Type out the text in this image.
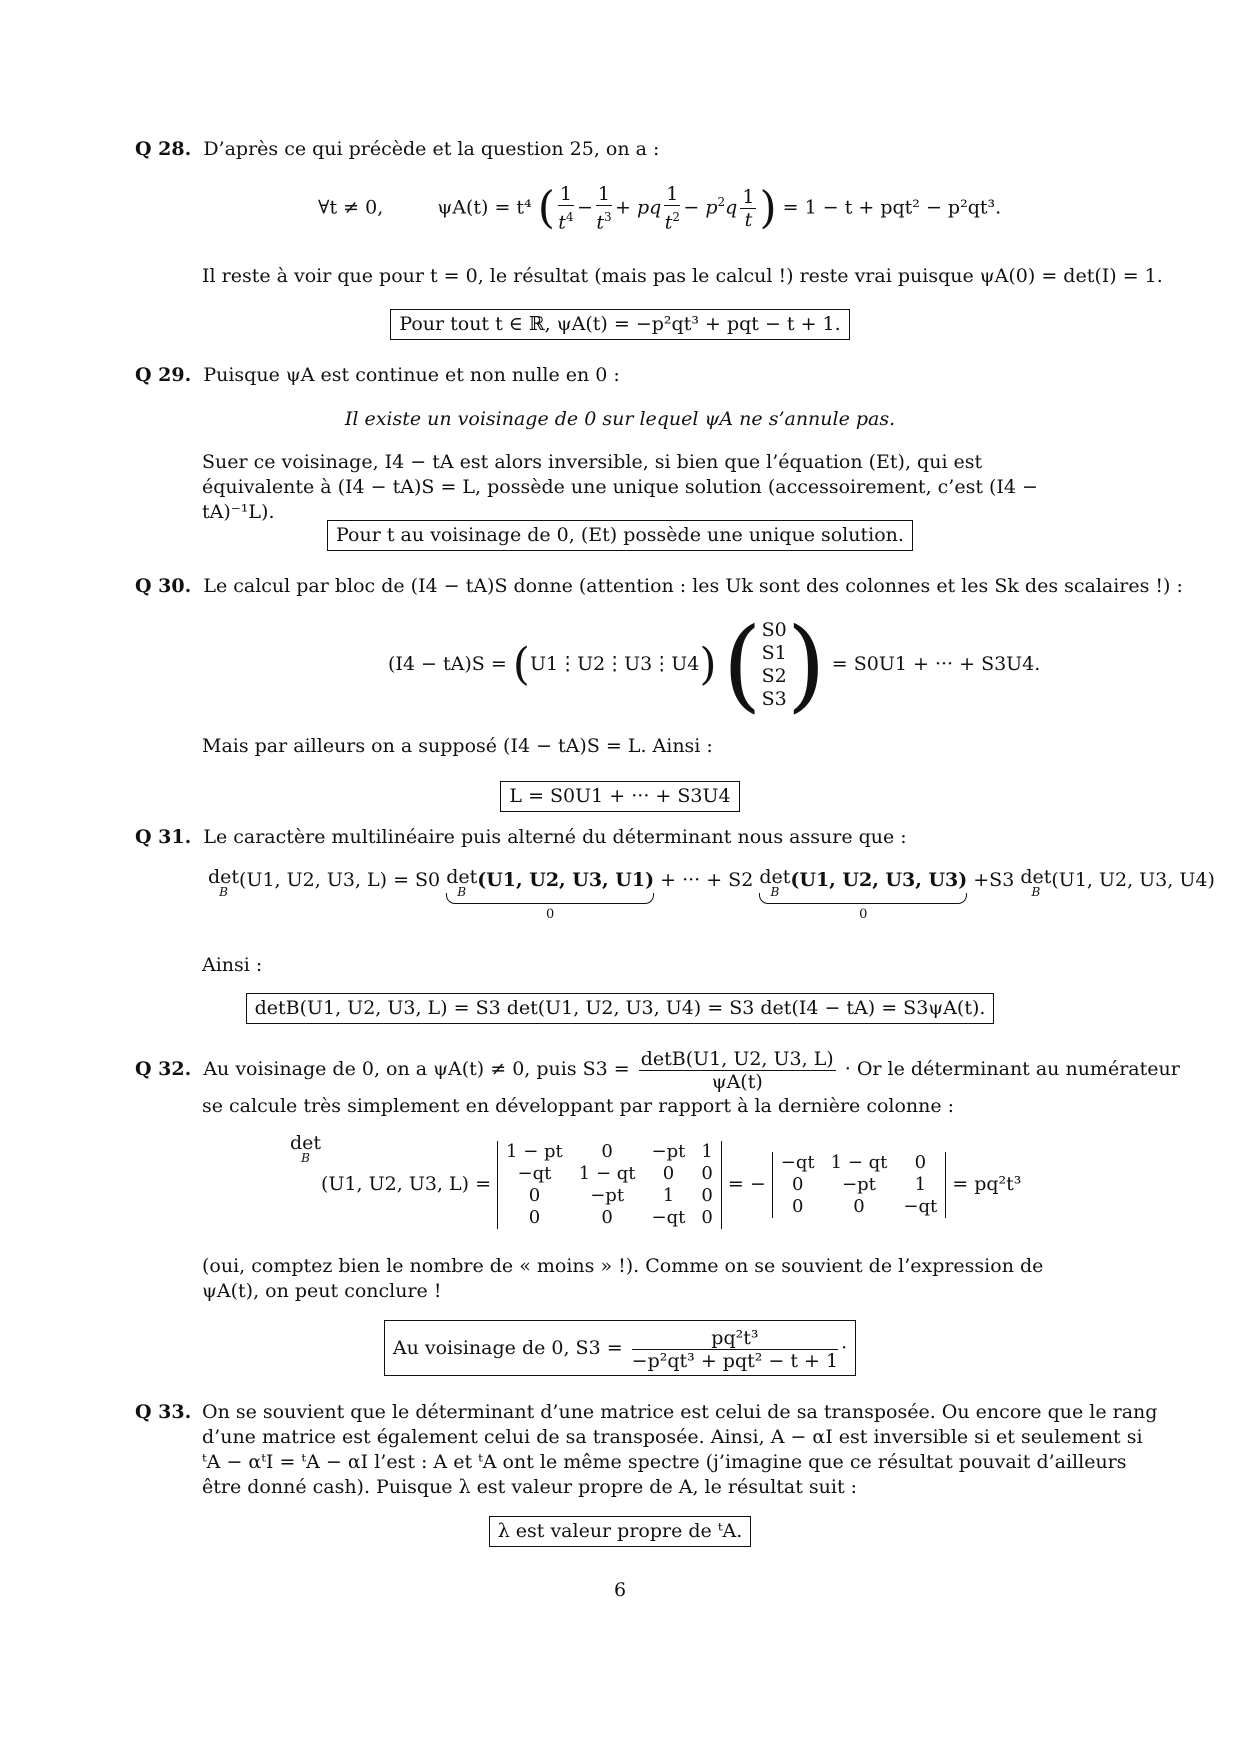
Q 28. D’après ce qui précède et la question 25, on a :
∀t ≠ 0,	ψA(t) = t⁴ ( $\frac{1}{t^4} - \frac{1}{t^3}$ + pq $\frac{1}{t^2} - p^2q \frac{1}{t}$ ) = 1 − t + pqt² − p²qt³.
Il reste à voir que pour t = 0, le résultat (mais pas le calcul !) reste vrai puisque ψA(0) = det(I) = 1.
Pour tout t ∈ ℝ, ψA(t) = −p²qt³ + pqt − t + 1.
Q 29. Puisque ψA est continue et non nulle en 0 :
Il existe un voisinage de 0 sur lequel ψA ne s’annule pas.
Suer ce voisinage, I4 − tA est alors inversible, si bien que l’équation (Et), qui est équivalente à (I4 − tA)S = L, possède une unique solution (accessoirement, c’est (I4 − tA)⁻¹L).
Pour t au voisinage de 0, (Et) possède une unique solution.
Q 30. Le calcul par bloc de (I4 − tA)S donne (attention : les Uk sont des colonnes et les Sk des scalaires !) :
(I4 − tA)S = (U1⋮U2⋮U3⋮U4) ( S0
S1
S2
S3 ) = S0U1 + ··· + S3U4.
Mais par ailleurs on a supposé (I4 − tA)S = L. Ainsi :
L = S0U1 + ··· + S3U4
Q 31. Le caractère multilinéaire puis alterné du déterminant nous assure que :
det
B
(U1, U2, U3, L) = S0 det
B
(U1, U2, U3, U1)
0
+ ··· + S2 det
B
(U1, U2, U3, U3)
0
+S3 det
B
(U1, U2, U3, U4)
Ainsi :
detB(U1, U2, U3, L) = S3 det(U1, U2, U3, U4) = S3 det(I4 − tA) = S3ψA(t).
Q 32. Au voisinage de 0, on a ψA(t) ≠ 0, puis $S3 = \frac{\det B(U1, U2, U3, L)}{\psi A(t)} \cdot Or$ le déterminant au numérateur
se calcule très simplement en développant par rapport à la dernière colonne :
det
B
(U1, U2, U3, L) = 1 − pt	0	−pt	1
−qt	1 − qt	0	0
0	−pt	1	0
0	0	−qt	0 = − −qt	1 − qt	0
0	−pt	1
0	0	−qt = pq²t³
(oui, comptez bien le nombre de « moins » !). Comme on se souvient de l’expression de ψA(t), on peut conclure !
Au voisinage de 0, $S3 = \frac{\text{pq²t³}}{\text{−p²qt³ + pqt² − t + 1}}$ ·
Q 33. On se souvient que le déterminant d’une matrice est celui de sa transposée. Ou encore que le rang d’une matrice est également celui de sa transposée. Ainsi, A − αI est inversible si et seulement si ᵗA − αᵗI = ᵗA − αI l’est : A et ᵗA ont le même spectre (j’imagine que ce résultat pouvait d’ailleurs être donné cash). Puisque λ est valeur propre de A, le résultat suit :
λ est valeur propre de ᵗA.
6
